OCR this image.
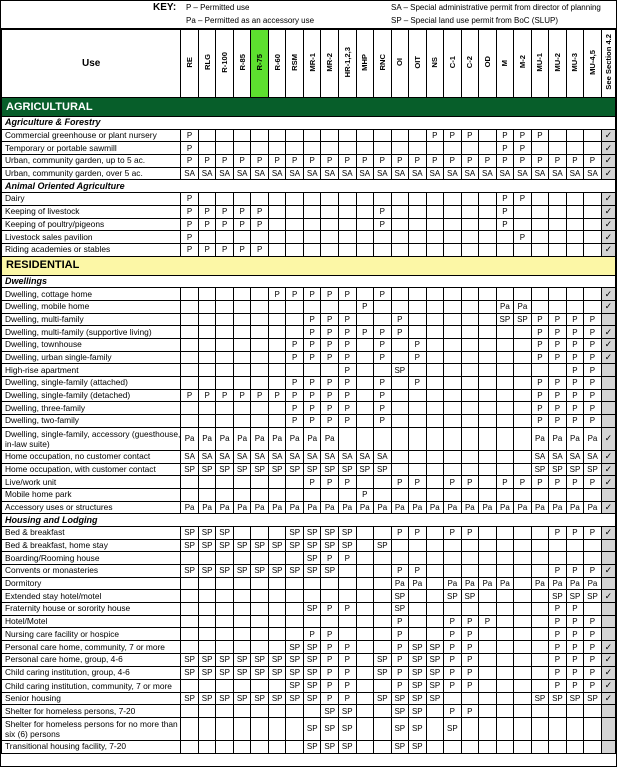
KEY: P – Permitted use
Pa – Permitted as an accessory use
SA – Special administrative permit from director of planning
SP – Special land use permit from BoC (SLUP)
Use	RE	RLG	R-100	R-85	R-75	R-60	RSM	MR-1	MR-2	HR-1,2,3	MHP	RNC	OI	OIT	NS	C-1	C-2	OD	M	M-2	MU-1	MU-2	MU-3	MU-4,5	See Section 4.2
AGRICULTURAL																									
Agriculture & Forestry																									
Commercial greenhouse or plant nursery	P														P	P	P		P	P	P				✓
Temporary or portable sawmill	P																		P	P					✓
Urban, community garden, up to 5 ac.	P	P	P	P	P	P	P	P	P	P	P	P	P	P	P	P	P	P	P	P	P	P	P	P	✓
Urban, community garden, over 5 ac.	SA	SA	SA	SA	SA	SA	SA	SA	SA	SA	SA	SA	SA	SA	SA	SA	SA	SA	SA	SA	SA	SA	SA	SA	✓
Animal Oriented Agriculture																									
Dairy	P																		P	P					✓
Keeping of livestock	P	P	P	P	P							P							P						✓
Keeping of poultry/pigeons	P	P	P	P	P							P							P						✓
Livestock sales pavilion	P																			P					✓
Riding academies or stables	P	P	P	P	P																				✓
RESIDENTIAL																									
Dwellings																									
Dwelling, cottage home						P	P	P	P	P		P													✓
Dwelling, mobile home											P								Pa	Pa					✓
Dwelling, multi-family								P	P	P			P						SP	SP	P	P	P	P	
Dwelling, multi-family (supportive living)								P	P	P	P	P	P								P	P	P	P	✓
Dwelling, townhouse							P	P	P	P		P		P							P	P	P	P	✓
Dwelling, urban single-family							P	P	P	P		P		P							P	P	P	P	✓
High-rise apartment										P			SP										P	P	
Dwelling, single-family (attached)							P	P	P	P		P		P							P	P	P	P	
Dwelling, single-family (detached)	P	P	P	P	P	P	P	P	P	P		P									P	P	P	P	
Dwelling, three-family							P	P	P	P		P									P	P	P	P	
Dwelling, two-family							P	P	P	P		P									P	P	P	P	
Dwelling, single-family, accessory (guesthouse, in-law suite)	Pa	Pa	Pa	Pa	Pa	Pa	Pa	Pa	Pa												Pa	Pa	Pa	Pa	✓
Home occupation, no customer contact	SA	SA	SA	SA	SA	SA	SA	SA	SA	SA	SA	SA									SA	SA	SA	SA	✓
Home occupation, with customer contact	SP	SP	SP	SP	SP	SP	SP	SP	SP	SP	SP	SP									SP	SP	SP	SP	✓
Live/work unit								P	P	P			P	P		P	P		P	P	P	P	P	P	✓
Mobile home park											P														
Accessory uses or structures	Pa	Pa	Pa	Pa	Pa	Pa	Pa	Pa	Pa	Pa	Pa	Pa	Pa	Pa	Pa	Pa	Pa	Pa	Pa	Pa	Pa	Pa	Pa	Pa	✓
Housing and Lodging																									
Bed & breakfast	SP	SP	SP				SP	SP	SP	SP			P	P		P	P					P	P	P	✓
Bed & breakfast, home stay	SP	SP	SP	SP	SP	SP	SP	SP	SP	SP		SP													
Boarding/Rooming house								SP	P	P															
Convents or monasteries	SP	SP	SP	SP	SP	SP	SP	SP	SP				P	P								P	P	P	✓
Dormitory													Pa	Pa		Pa	Pa	Pa	Pa		Pa	Pa	Pa	Pa	
Extended stay hotel/motel													SP			SP	SP					SP	SP	SP	✓
Fraternity house or sorority house								SP	P	P			SP									P	P		
Hotel/Motel													P			P	P	P				P	P	P	
Nursing care facility or hospice								P	P				P			P	P					P	P	P	
Personal care home, community, 7 or more							SP	SP	P	P			P	SP	SP	P	P					P	P	P	✓
Personal care home, group, 4-6	SP	SP	SP	SP	SP	SP	SP	SP	P	P		SP	P	SP	SP	P	P					P	P	P	✓
Child caring institution, group, 4-6	SP	SP	SP	SP	SP	SP	SP	SP	P	P		SP	P	SP	SP	P	P					P	P	P	✓
Child caring institution, community, 7 or more							SP	SP	P	P			P	SP	SP	P	P					P	P	P	✓
Senior housing	SP	SP	SP	SP	SP	SP	SP	SP	P	P		SP	SP	SP	SP						SP	SP	SP	SP	✓
Shelter for homeless persons, 7-20									SP	SP			SP	SP		P	P								
Shelter for homeless persons for no more than six (6) persons								SP	SP	SP			SP	SP		SP									
Transitional housing facility, 7-20								SP	SP	SP			SP	SP											
